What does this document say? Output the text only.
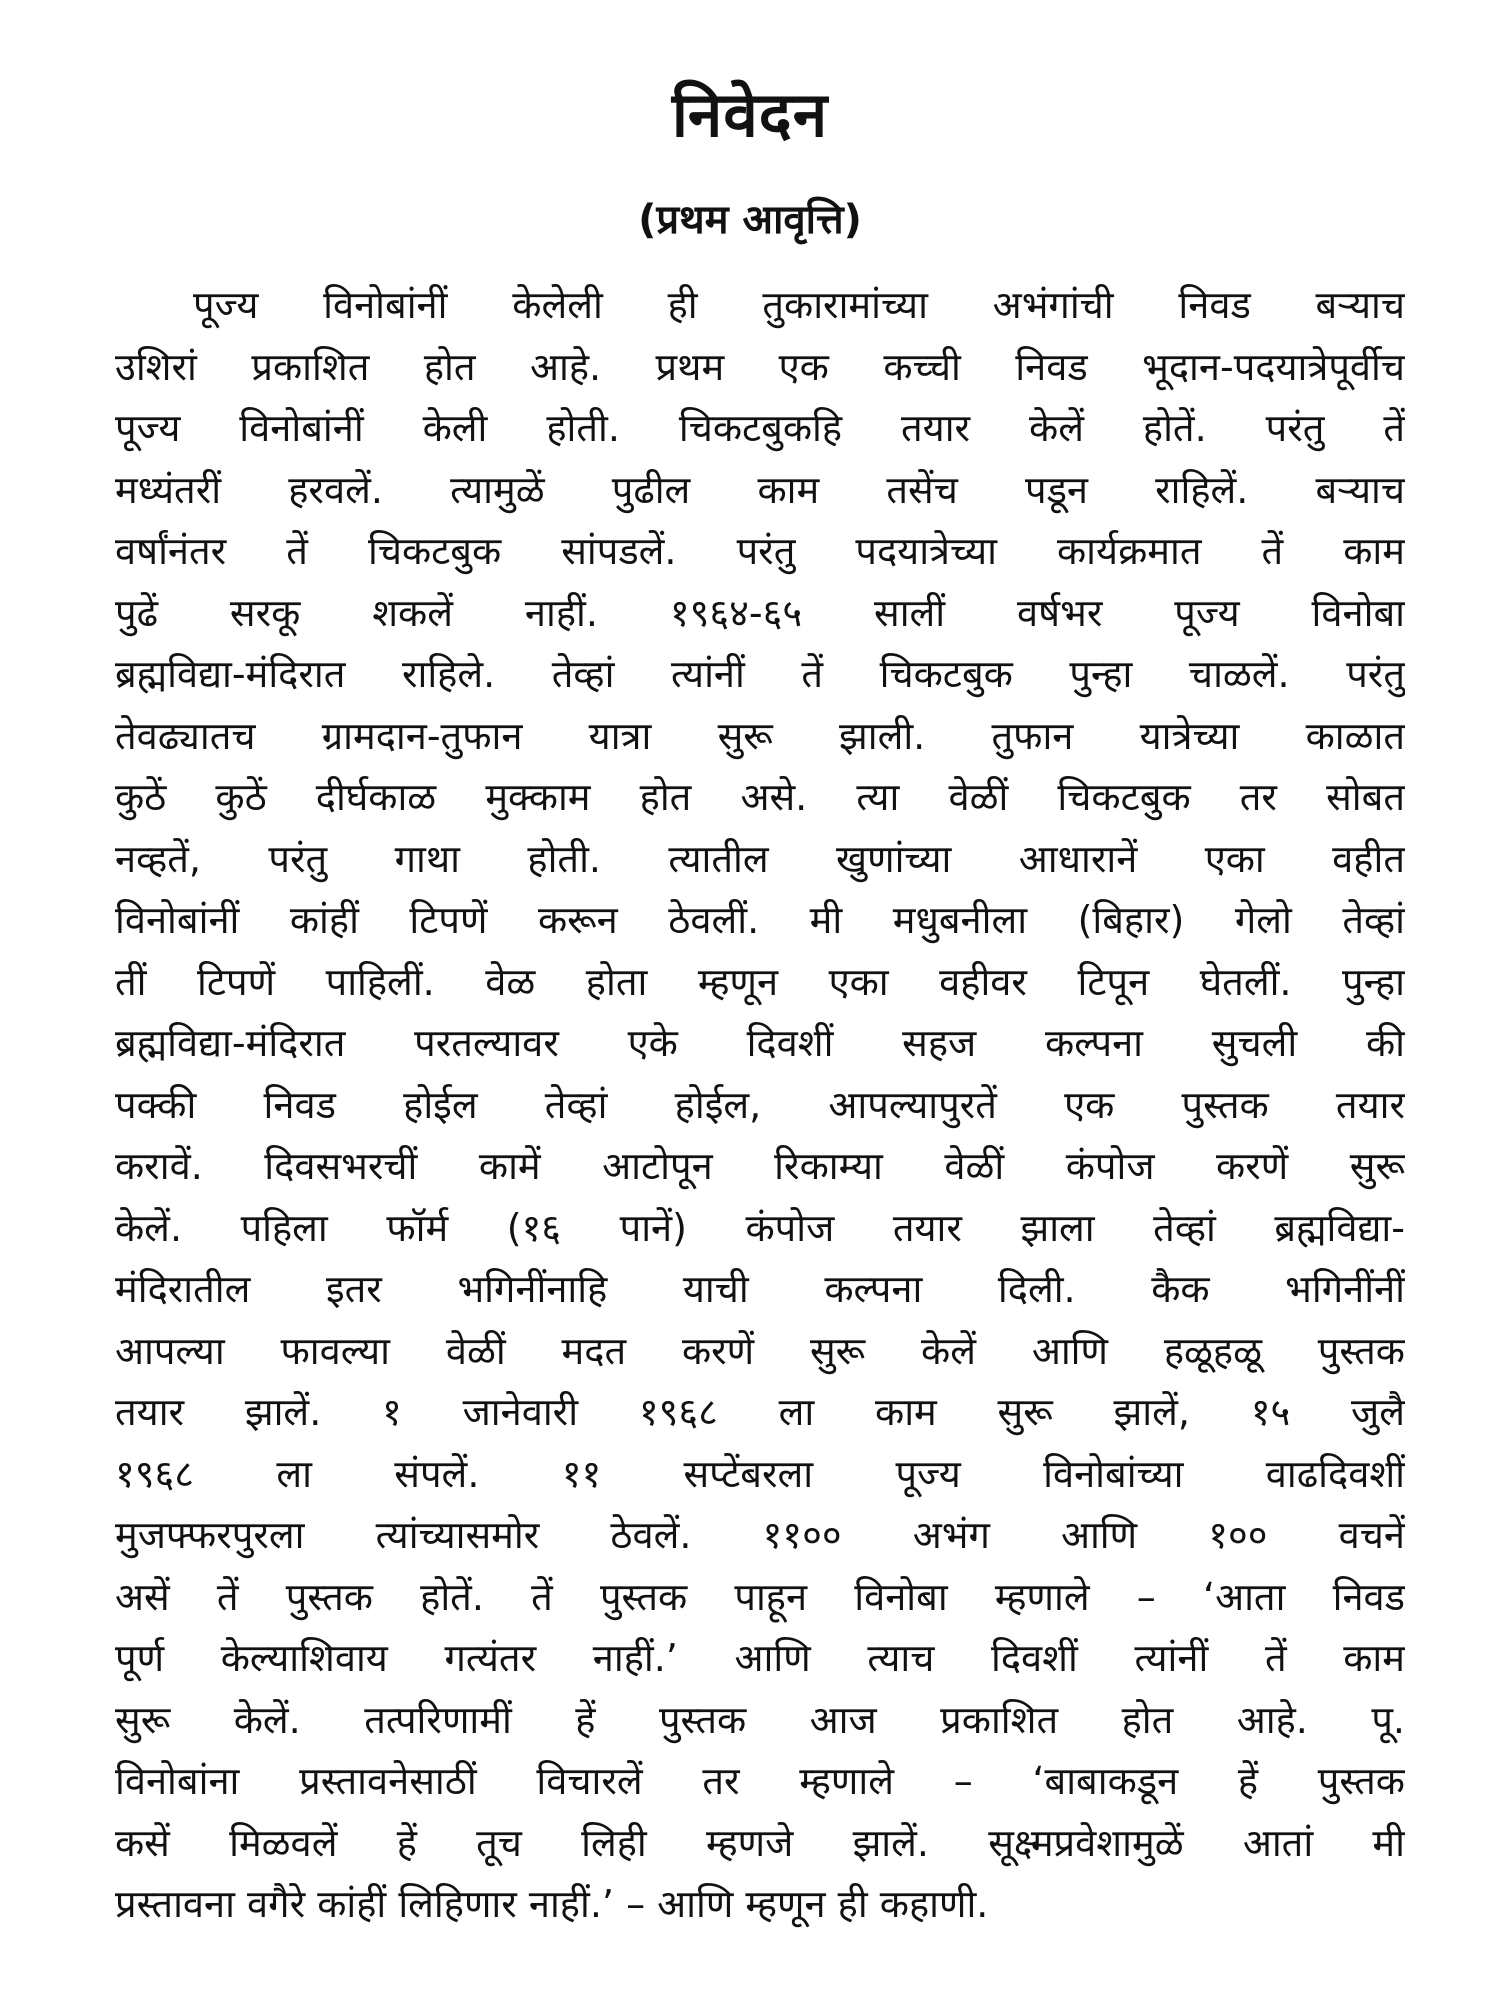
निवेदन
(प्रथम आवृत्ति)
पूज्य विनोबांनीं केलेली ही तुकारामांच्या अभंगांची निवड बऱ्याच
उशिरां प्रकाशित होत आहे. प्रथम एक कच्ची निवड भूदान-पदयात्रेपूर्वीच
पूज्य विनोबांनीं केली होती. चिकटबुकहि तयार केलें होतें. परंतु तें
मध्यंतरीं हरवलें. त्यामुळें पुढील काम तसेंच पडून राहिलें. बऱ्याच
वर्षांनंतर तें चिकटबुक सांपडलें. परंतु पदयात्रेच्या कार्यक्रमात तें काम
पुढें सरकू शकलें नाहीं. १९६४-६५ सालीं वर्षभर पूज्य विनोबा
ब्रह्मविद्या-मंदिरात राहिले. तेव्हां त्यांनीं तें चिकटबुक पुन्हा चाळलें. परंतु
तेवढ्यातच ग्रामदान-तुफान यात्रा सुरू झाली. तुफान यात्रेच्या काळात
कुठें कुठें दीर्घकाळ मुक्काम होत असे. त्या वेळीं चिकटबुक तर सोबत
नव्हतें, परंतु गाथा होती. त्यातील खुणांच्या आधारानें एका वहीत
विनोबांनीं कांहीं टिपणें करून ठेवलीं. मी मधुबनीला (बिहार) गेलो तेव्हां
तीं टिपणें पाहिलीं. वेळ होता म्हणून एका वहीवर टिपून घेतलीं. पुन्हा
ब्रह्मविद्या-मंदिरात परतल्यावर एके दिवशीं सहज कल्पना सुचली की
पक्की निवड होईल तेव्हां होईल, आपल्यापुरतें एक पुस्तक तयार
करावें. दिवसभरचीं कामें आटोपून रिकाम्या वेळीं कंपोज करणें सुरू
केलें. पहिला फॉर्म (१६ पानें) कंपोज तयार झाला तेव्हां ब्रह्मविद्या-
मंदिरातील इतर भगिनींनाहि याची कल्पना दिली. कैक भगिनींनीं
आपल्या फावल्या वेळीं मदत करणें सुरू केलें आणि हळूहळू पुस्तक
तयार झालें. १ जानेवारी १९६८ ला काम सुरू झालें, १५ जुलै
१९६८ ला संपलें. ११ सप्टेंबरला पूज्य विनोबांच्या वाढदिवशीं
मुजफ्फरपुरला त्यांच्यासमोर ठेवलें. ११०० अभंग आणि १०० वचनें
असें तें पुस्तक होतें. तें पुस्तक पाहून विनोबा म्हणाले – ‘आता निवड
पूर्ण केल्याशिवाय गत्यंतर नाहीं.’ आणि त्याच दिवशीं त्यांनीं तें काम
सुरू केलें. तत्परिणामीं हें पुस्तक आज प्रकाशित होत आहे. पू.
विनोबांना प्रस्तावनेसाठीं विचारलें तर म्हणाले – ‘बाबाकडून हें पुस्तक
कसें मिळवलें हें तूच लिही म्हणजे झालें. सूक्ष्मप्रवेशामुळें आतां मी
प्रस्तावना वगैरे कांहीं लिहिणार नाहीं.’ – आणि म्हणून ही कहाणी.
